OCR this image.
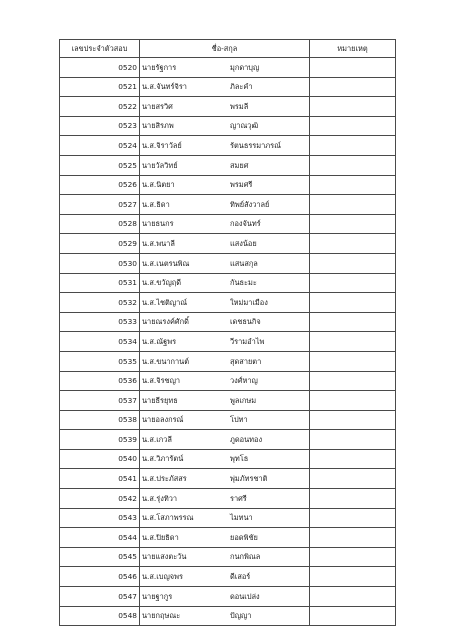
เลขประจำตัวสอบ	ชื่อ-สกุล	หมายเหตุ
0520	นายรัฐการ มุกดาบุญ	
0521	น.ส.จันทร์จิรา ภิละคำ	
0522	นายสรวิศ พรมลี	
0523	นายสิรภพ ญาณวุฒิ	
0524	น.ส.จิราวัลย์ รัตนธรรมาภรณ์	
0525	นายวัลวิทย์ สมยศ	
0526	น.ส.นิตยา พรมศรี	
0527	น.ส.ธิดา ทิพย์สังวาลย์	
0528	นายธนกร กองจันทร์	
0529	น.ส.พนาลี แสงน้อย	
0530	น.ส.เนตรนพิณ แสนสกุล	
0531	น.ส.ขวัญฤดี กันธะมะ	
0532	น.ส.ไชติญาณ์ ใหม่มาเมือง	
0533	นายณรงค์ศักดิ์ เดชธนกิจ	
0534	น.ส.ณัฐพร วีรามอำไพ	
0535	น.ส.ขนากานต์ สุดสายตา	
0536	น.ส.จิรชญา วงศ์หาญ	
0537	นายธีรยุทธ พูลเกษม	
0538	นายอลงกรณ์ โปทา	
0539	น.ส.เกวลี ภูดอนทอง	
0540	น.ส.วิภารัตน์ พุทโธ	
0541	น.ส.ประภัสสร พุ่มภัทรชาติ	
0542	น.ส.รุ่งทิวา ราศรี	
0543	น.ส.โสภาพรรณ ไมทนา	
0544	น.ส.ปิยธิดา ยอดพิชัย	
0545	นายแสงตะวัน กนกพิณล	
0546	น.ส.เบญจพร ดีเสอร์	
0547	นายฐากูร ดอนเปล่ง	
0548	นายกฤษณะ ปัญญา	
